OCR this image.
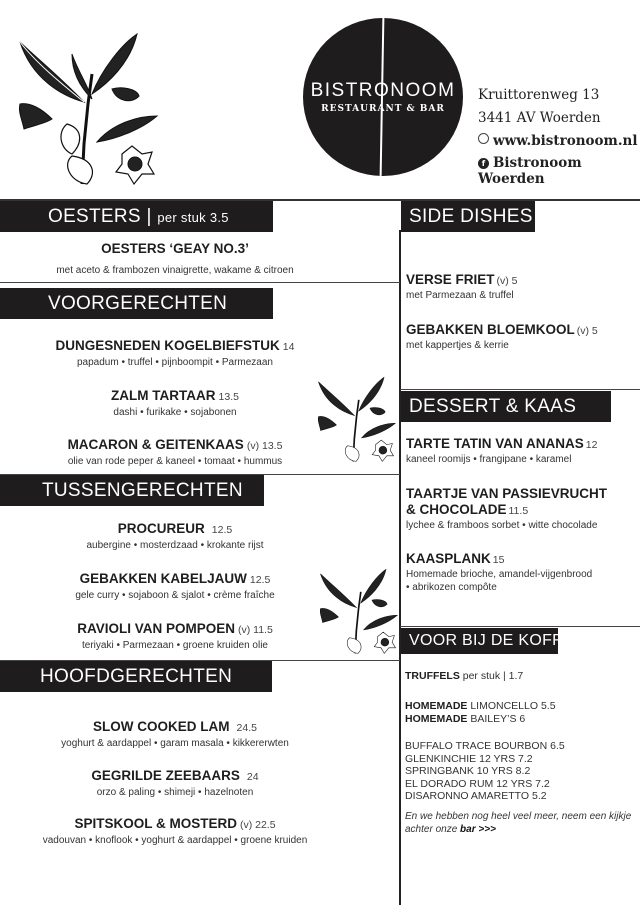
BISTRONOOM
RESTAURANT & BAR
Kruittorenweg 13
3441 AV Woerden
www.bistronoom.nl
f Bistronoom
Woerden
OESTERS | per stuk 3.5
OESTERS ‘GEAY NO.3’
met aceto & frambozen vinaigrette, wakame & citroen
VOORGERECHTEN
DUNGESNEDEN KOGELBIEFSTUK 14
papadum • truffel • pijnboompit • Parmezaan
ZALM TARTAAR 13.5
dashi • furikake • sojabonen
MACARON & GEITENKAAS (v) 13.5
olie van rode peper & kaneel • tomaat • hummus
TUSSENGERECHTEN
PROCUREUR 12.5
aubergine • mosterdzaad • krokante rijst
GEBAKKEN KABELJAUW 12.5
gele curry • sojaboon & sjalot • crème fraîche
RAVIOLI VAN POMPOEN (v) 11.5
teriyaki • Parmezaan • groene kruiden olie
HOOFDGERECHTEN
SLOW COOKED LAM 24.5
yoghurt & aardappel • garam masala • kikkererwten
GEGRILDE ZEEBAARS 24
orzo & paling • shimeji • hazelnoten
SPITSKOOL & MOSTERD (v) 22.5
vadouvan • knoflook • yoghurt & aardappel • groene kruiden
SIDE DISHES
VERSE FRIET (v) 5
met Parmezaan & truffel
GEBAKKEN BLOEMKOOL (v) 5
met kappertjes & kerrie
DESSERT & KAAS
TARTE TATIN VAN ANANAS 12
kaneel roomijs • frangipane • karamel
TAARTJE VAN PASSIEVRUCHT
& CHOCOLADE 11.5
lychee & framboos sorbet • witte chocolade
KAASPLANK 15
Homemade brioche, amandel-vijgenbrood
• abrikozen compôte
VOOR BIJ DE KOFFIE
TRUFFELS per stuk | 1.7
HOMEMADE LIMONCELLO 5.5
HOMEMADE BAILEY’S 6
BUFFALO TRACE BOURBON 6.5
GLENKINCHIE 12 YRS 7.2
SPRINGBANK 10 YRS 8.2
EL DORADO RUM 12 YRS 7.2
DISARONNO AMARETTO 5.2
En we hebben nog heel veel meer, neem een kijkje achter onze bar >>>
